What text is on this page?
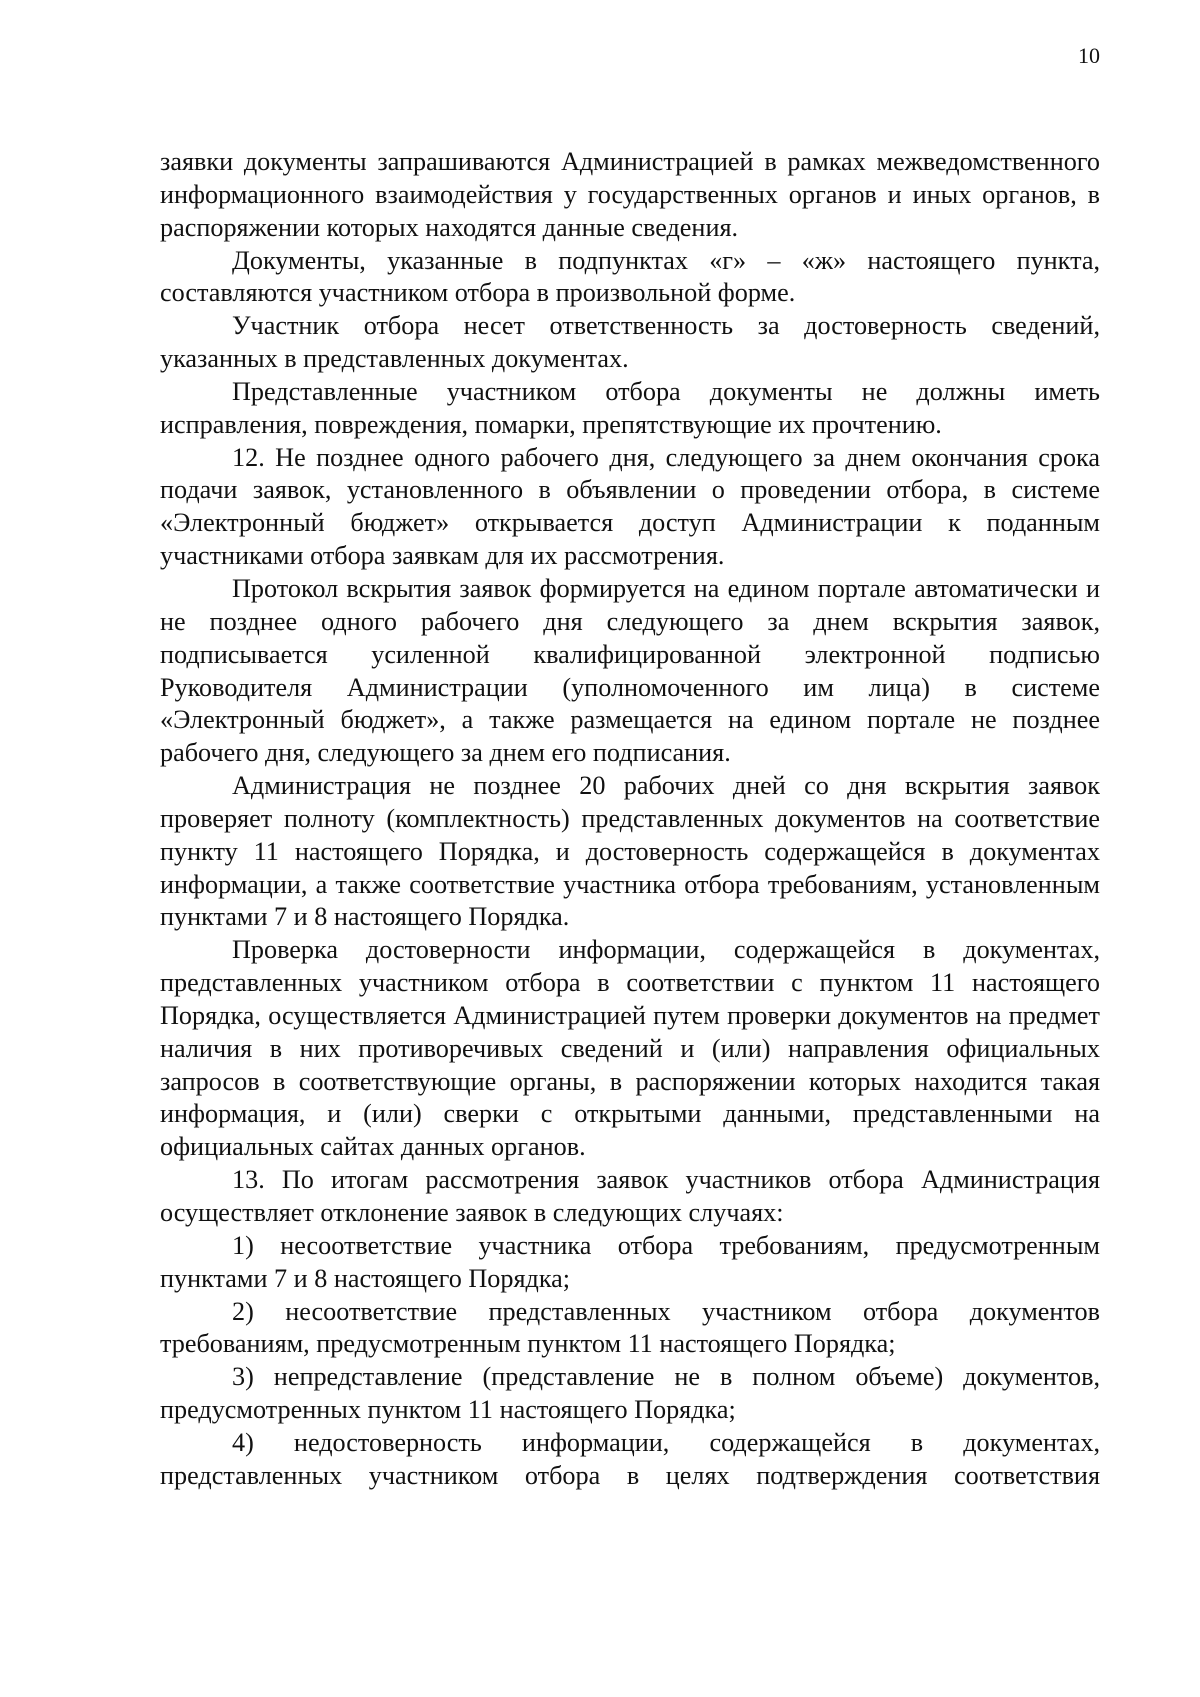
10

заявки документы запрашиваются Администрацией в рамках межведомственного информационного взаимодействия у государственных органов и иных органов, в распоряжении которых находятся данные сведения.

Документы, указанные в подпунктах «г» – «ж» настоящего пункта, составляются участником отбора в произвольной форме.

Участник отбора несет ответственность за достоверность сведений, указанных в представленных документах.

Представленные участником отбора документы не должны иметь исправления, повреждения, помарки, препятствующие их прочтению.

12. Не позднее одного рабочего дня, следующего за днем окончания срока подачи заявок, установленного в объявлении о проведении отбора, в системе «Электронный бюджет» открывается доступ Администрации к поданным участниками отбора заявкам для их рассмотрения.

Протокол вскрытия заявок формируется на едином портале автоматически и не позднее одного рабочего дня следующего за днем вскрытия заявок, подписывается усиленной квалифицированной электронной подписью Руководителя Администрации (уполномоченного им лица) в системе «Электронный бюджет», а также размещается на едином портале не позднее рабочего дня, следующего за днем его подписания.

Администрация не позднее 20 рабочих дней со дня вскрытия заявок проверяет полноту (комплектность) представленных документов на соответствие пункту 11 настоящего Порядка, и достоверность содержащейся в документах информации, а также соответствие участника отбора требованиям, установленным пунктами 7 и 8 настоящего Порядка.

Проверка достоверности информации, содержащейся в документах, представленных участником отбора в соответствии с пунктом 11 настоящего Порядка, осуществляется Администрацией путем проверки документов на предмет наличия в них противоречивых сведений и (или) направления официальных запросов в соответствующие органы, в распоряжении которых находится такая информация, и (или) сверки с открытыми данными, представленными на официальных сайтах данных органов.

13. По итогам рассмотрения заявок участников отбора Администрация осуществляет отклонение заявок в следующих случаях:

1) несоответствие участника отбора требованиям, предусмотренным пунктами 7 и 8 настоящего Порядка;

2) несоответствие представленных участником отбора документов требованиям, предусмотренным пунктом 11 настоящего Порядка;

3) непредставление (представление не в полном объеме) документов, предусмотренных пунктом 11 настоящего Порядка;

4) недостоверность информации, содержащейся в документах, представленных участником отбора в целях подтверждения соответствия
